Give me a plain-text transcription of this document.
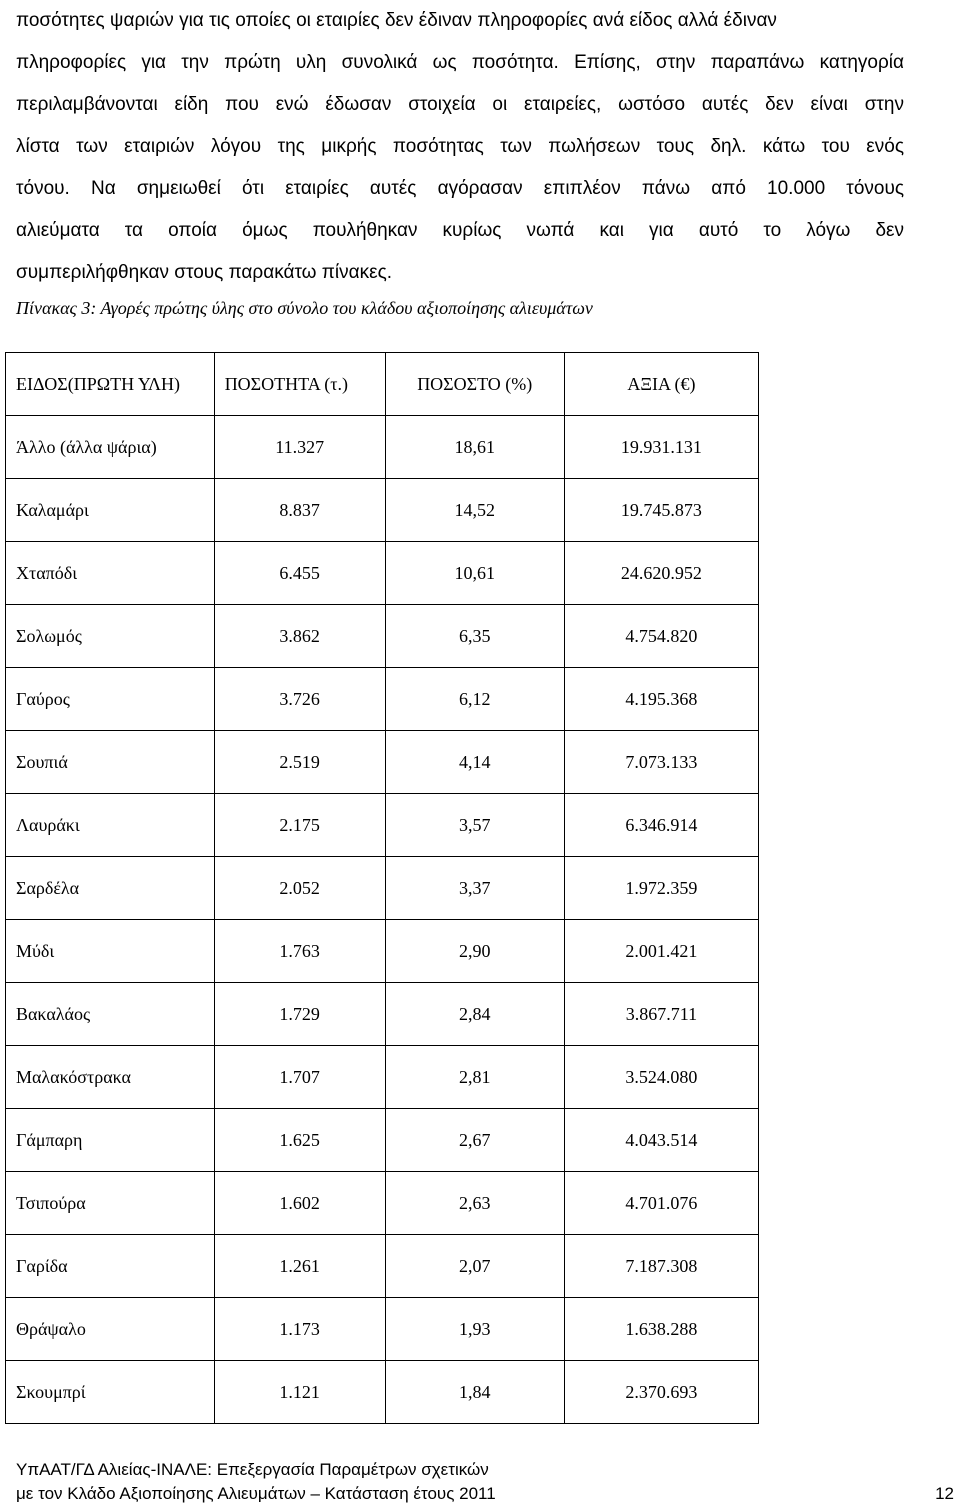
ποσότητες ψαριών για τις οποίες οι εταιρίες δεν έδιναν πληροφορίες ανά είδος αλλά έδιναν
πληροφορίες για την πρώτη υλη συνολικά ως ποσότητα. Επίσης, στην παραπάνω κατηγορία
περιλαμβάνονται είδη που ενώ έδωσαν στοιχεία οι εταιρείες, ωστόσο αυτές δεν είναι στην
λίστα των εταιριών λόγου της μικρής ποσότητας των πωλήσεων τους δηλ. κάτω του ενός
τόνου. Να σημειωθεί ότι εταιρίες αυτές αγόρασαν επιπλέον πάνω από 10.000 τόνους
αλιεύματα τα οποία όμως πουλήθηκαν κυρίως νωπά και για αυτό το λόγω δεν
συμπεριλήφθηκαν στους παρακάτω πίνακες.

Πίνακας 3: Αγορές πρώτης ύλης στο σύνολο του κλάδου αξιοποίησης αλιευμάτων

ΕΙΔΟΣ(ΠΡΩΤΗ ΥΛΗ)	ΠΟΣΟΤΗΤΑ (τ.)	ΠΟΣΟΣΤΟ (%)	ΑΞΙΑ (€)
Άλλο (άλλα ψάρια)	11.327	18,61	19.931.131
Καλαμάρι	8.837	14,52	19.745.873
Χταπόδι	6.455	10,61	24.620.952
Σολωμός	3.862	6,35	4.754.820
Γαύρος	3.726	6,12	4.195.368
Σουπιά	2.519	4,14	7.073.133
Λαυράκι	2.175	3,57	6.346.914
Σαρδέλα	2.052	3,37	1.972.359
Μύδι	1.763	2,90	2.001.421
Βακαλάος	1.729	2,84	3.867.711
Μαλακόστρακα	1.707	2,81	3.524.080
Γάμπαρη	1.625	2,67	4.043.514
Τσιπούρα	1.602	2,63	4.701.076
Γαρίδα	1.261	2,07	7.187.308
Θράψαλο	1.173	1,93	1.638.288
Σκουμπρί	1.121	1,84	2.370.693
ΥπΑΑΤ/ΓΔ Αλιείας-ΙΝΑΛΕ: Επεξεργασία Παραμέτρων σχετικών
με τον Κλάδο Αξιοποίησης Αλιευμάτων – Κατάσταση έτους 2011	12
